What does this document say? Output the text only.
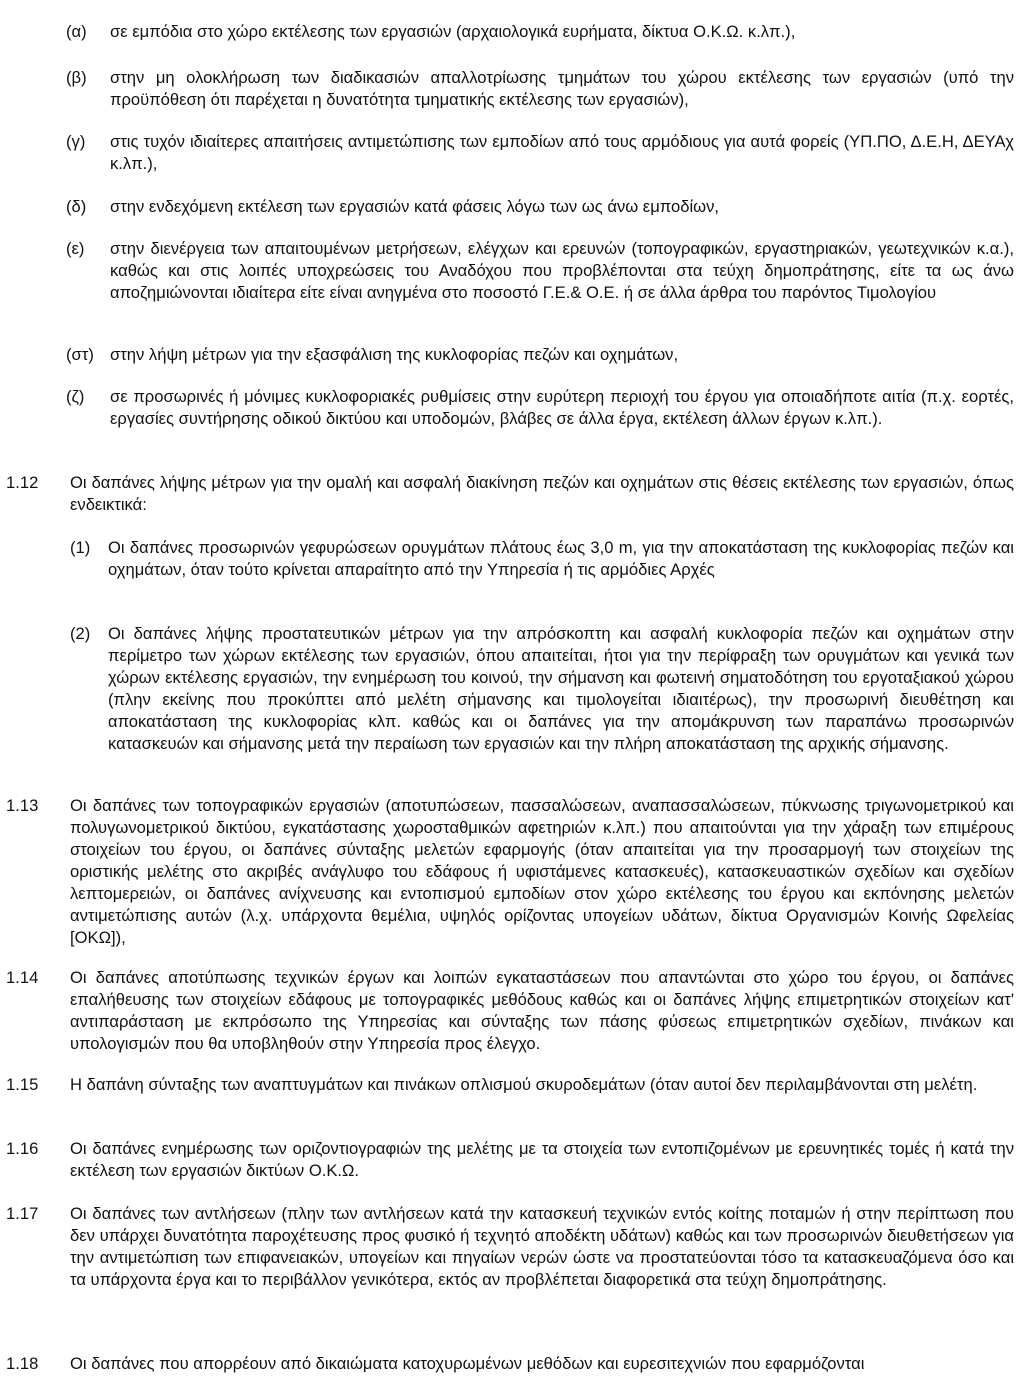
(α) σε εμπόδια στο χώρο εκτέλεσης των εργασιών (αρχαιολογικά ευρήματα, δίκτυα Ο.Κ.Ω. κ.λπ.),
(β) στην μη ολοκλήρωση των διαδικασιών απαλλοτρίωσης τμημάτων του χώρου εκτέλεσης των εργασιών (υπό την προϋπόθεση ότι παρέχεται η δυνατότητα τμηματικής εκτέλεσης των εργασιών),
(γ) στις τυχόν ιδιαίτερες απαιτήσεις αντιμετώπισης των εμποδίων από τους αρμόδιους για αυτά φορείς (ΥΠ.ΠΟ, Δ.Ε.Η, ΔΕΥΑχ κ.λπ.),
(δ) στην ενδεχόμενη εκτέλεση των εργασιών κατά φάσεις λόγω των ως άνω εμποδίων,
(ε) στην διενέργεια των απαιτουμένων μετρήσεων, ελέγχων και ερευνών (τοπογραφικών, εργαστηριακών, γεωτεχνικών κ.α.), καθώς και στις λοιπές υποχρεώσεις του Αναδόχου που προβλέπονται στα τεύχη δημοπράτησης, είτε τα ως άνω αποζημιώνονται ιδιαίτερα είτε είναι ανηγμένα στο ποσοστό Γ.Ε.& Ο.Ε. ή σε άλλα άρθρα του παρόντος Τιμολογίου
(στ) στην λήψη μέτρων για την εξασφάλιση της κυκλοφορίας πεζών και οχημάτων,
(ζ) σε προσωρινές ή μόνιμες κυκλοφοριακές ρυθμίσεις στην ευρύτερη περιοχή του έργου για οποιαδήποτε αιτία (π.χ. εορτές, εργασίες συντήρησης οδικού δικτύου και υποδομών, βλάβες σε άλλα έργα, εκτέλεση άλλων έργων κ.λπ.).
1.12 Οι δαπάνες λήψης μέτρων για την ομαλή και ασφαλή διακίνηση πεζών και οχημάτων στις θέσεις εκτέλεσης των εργασιών, όπως ενδεικτικά:
(1) Οι δαπάνες προσωρινών γεφυρώσεων ορυγμάτων πλάτους έως 3,0 m, για την αποκατάσταση της κυκλοφορίας πεζών και οχημάτων, όταν τούτο κρίνεται απαραίτητο από την Υπηρεσία ή τις αρμόδιες Αρχές
(2) Οι δαπάνες λήψης προστατευτικών μέτρων για την απρόσκοπτη και ασφαλή κυκλοφορία πεζών και οχημάτων στην περίμετρο των χώρων εκτέλεσης των εργασιών, όπου απαιτείται, ήτοι για την περίφραξη των ορυγμάτων και γενικά των χώρων εκτέλεσης εργασιών, την ενημέρωση του κοινού, την σήμανση και φωτεινή σηματοδότηση του εργοταξιακού χώρου (πλην εκείνης που προκύπτει από μελέτη σήμανσης και τιμολογείται ιδιαιτέρως), την προσωρινή διευθέτηση και αποκατάσταση της κυκλοφορίας κλπ. καθώς και οι δαπάνες για την απομάκρυνση των παραπάνω προσωρινών κατασκευών και σήμανσης μετά την περαίωση των εργασιών και την πλήρη αποκατάσταση της αρχικής σήμανσης.
1.13 Οι δαπάνες των τοπογραφικών εργασιών (αποτυπώσεων, πασσαλώσεων, αναπασσαλώσεων, πύκνωσης τριγωνομετρικού και πολυγωνομετρικού δικτύου, εγκατάστασης χωροσταθμικών αφετηριών κ.λπ.) που απαιτούνται για την χάραξη των επιμέρους στοιχείων του έργου, οι δαπάνες σύνταξης μελετών εφαρμογής (όταν απαιτείται για την προσαρμογή των στοιχείων της οριστικής μελέτης στο ακριβές ανάγλυφο του εδάφους ή υφιστάμενες κατασκευές), κατασκευαστικών σχεδίων και σχεδίων λεπτομερειών, οι δαπάνες ανίχνευσης και εντοπισμού εμποδίων στον χώρο εκτέλεσης του έργου και εκπόνησης μελετών αντιμετώπισης αυτών (λ.χ. υπάρχοντα θεμέλια, υψηλός ορίζοντας υπογείων υδάτων, δίκτυα Οργανισμών Κοινής Ωφελείας [ΟΚΩ]),
1.14 Οι δαπάνες αποτύπωσης τεχνικών έργων και λοιπών εγκαταστάσεων που απαντώνται στο χώρο του έργου, οι δαπάνες επαλήθευσης των στοιχείων εδάφους με τοπογραφικές μεθόδους καθώς και οι δαπάνες λήψης επιμετρητικών στοιχείων κατ' αντιπαράσταση με εκπρόσωπο της Υπηρεσίας και σύνταξης των πάσης φύσεως επιμετρητικών σχεδίων, πινάκων και υπολογισμών που θα υποβληθούν στην Υπηρεσία προς έλεγχο.
1.15 Η δαπάνη σύνταξης των αναπτυγμάτων και πινάκων οπλισμού σκυροδεμάτων (όταν αυτοί δεν περιλαμβάνονται στη μελέτη.
1.16 Οι δαπάνες ενημέρωσης των οριζοντιογραφιών της μελέτης με τα στοιχεία των εντοπιζομένων με ερευνητικές τομές ή κατά την εκτέλεση των εργασιών δικτύων Ο.Κ.Ω.
1.17 Οι δαπάνες των αντλήσεων (πλην των αντλήσεων κατά την κατασκευή τεχνικών εντός κοίτης ποταμών ή στην περίπτωση που δεν υπάρχει δυνατότητα παροχέτευσης προς φυσικό ή τεχνητό αποδέκτη υδάτων) καθώς και των προσωρινών διευθετήσεων για την αντιμετώπιση των επιφανειακών, υπογείων και πηγαίων νερών ώστε να προστατεύονται τόσο τα κατασκευαζόμενα όσο και τα υπάρχοντα έργα και το περιβάλλον γενικότερα, εκτός αν προβλέπεται διαφορετικά στα τεύχη δημοπράτησης.
1.18 Οι δαπάνες που απορρέουν από δικαιώματα κατοχυρωμένων μεθόδων και ευρεσιτεχνιών που εφαρμόζονται
